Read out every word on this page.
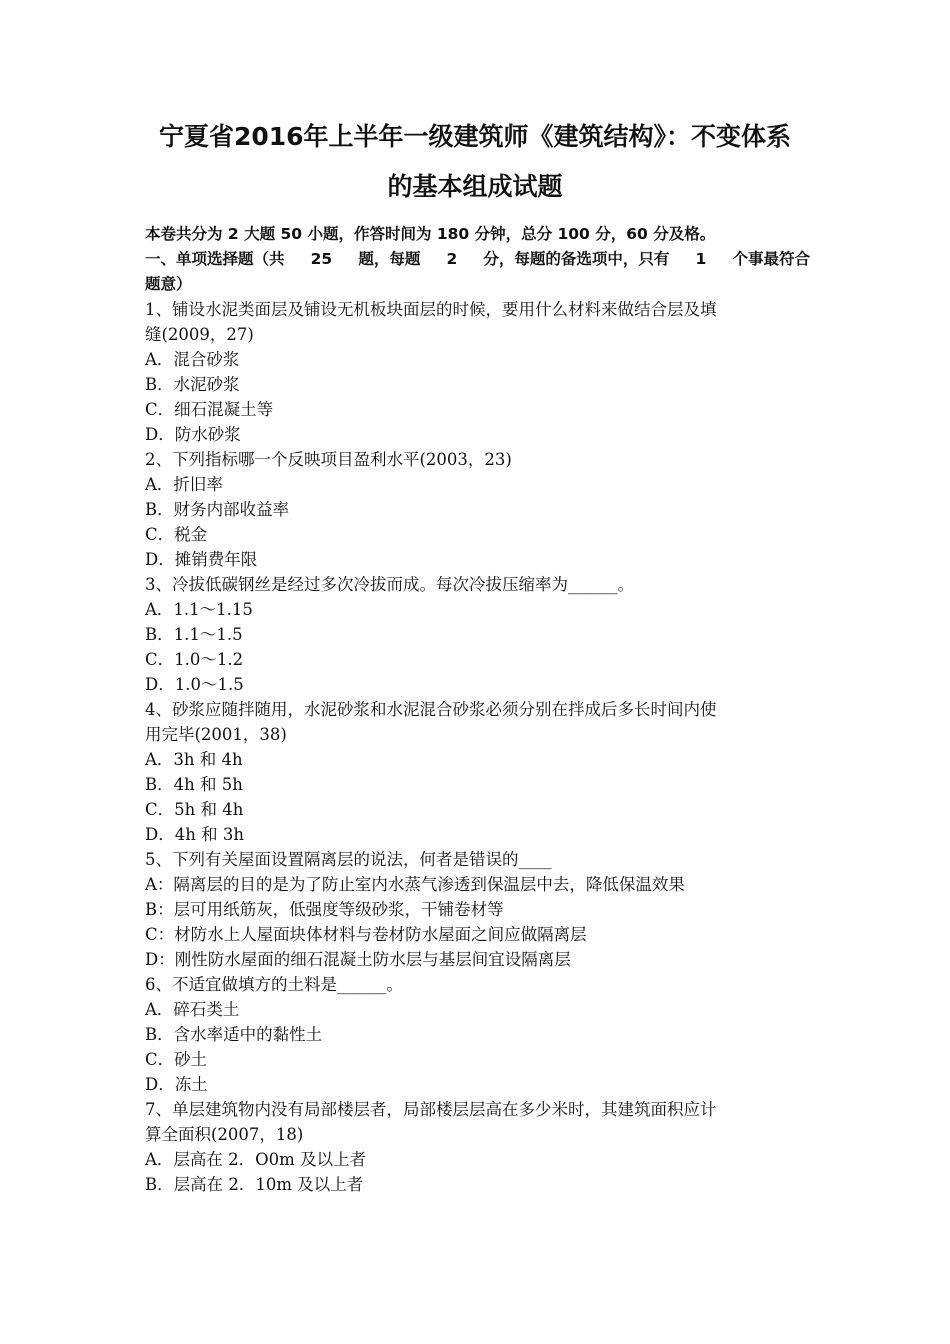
宁夏省2016年上半年一级建筑师《建筑结构》：不变体系
的基本组成试题
本卷共分为 2 大题 50 小题，作答时间为 180 分钟，总分 100 分，60 分及格。
一、单项选择题（共 25 题，每题 2 分，每题的备选项中，只有 1 个事最符合
题意）
1、铺设水泥类面层及铺设无机板块面层的时候，要用什么材料来做结合层及填
缝(2009，27)
A．混合砂浆
B．水泥砂浆
C．细石混凝土等
D．防水砂浆
2、下列指标哪一个反映项目盈利水平(2003，23)
A．折旧率
B．财务内部收益率
C．税金
D．摊销费年限
3、冷拔低碳钢丝是经过多次冷拔而成。每次冷拔压缩率为______。
A．1.1～1.15
B．1.1～1.5
C．1.0～1.2
D．1.0～1.5
4、砂浆应随拌随用，水泥砂浆和水泥混合砂浆必须分别在拌成后多长时间内使
用完毕(2001，38)
A．3h 和 4h
B．4h 和 5h
C．5h 和 4h
D．4h 和 3h
5、下列有关屋面设置隔离层的说法，何者是错误的____
A：隔离层的目的是为了防止室内水蒸气渗透到保温层中去，降低保温效果
B：层可用纸筋灰，低强度等级砂浆，干铺卷材等
C：材防水上人屋面块体材料与卷材防水屋面之间应做隔离层
D：刚性防水屋面的细石混凝土防水层与基层间宜设隔离层
6、不适宜做填方的土料是______。
A．碎石类土
B．含水率适中的黏性土
C．砂土
D．冻土
7、单层建筑物内没有局部楼层者，局部楼层层高在多少米时，其建筑面积应计
算全面积(2007，18)
A．层高在 2．O0m 及以上者
B．层高在 2．10m 及以上者
